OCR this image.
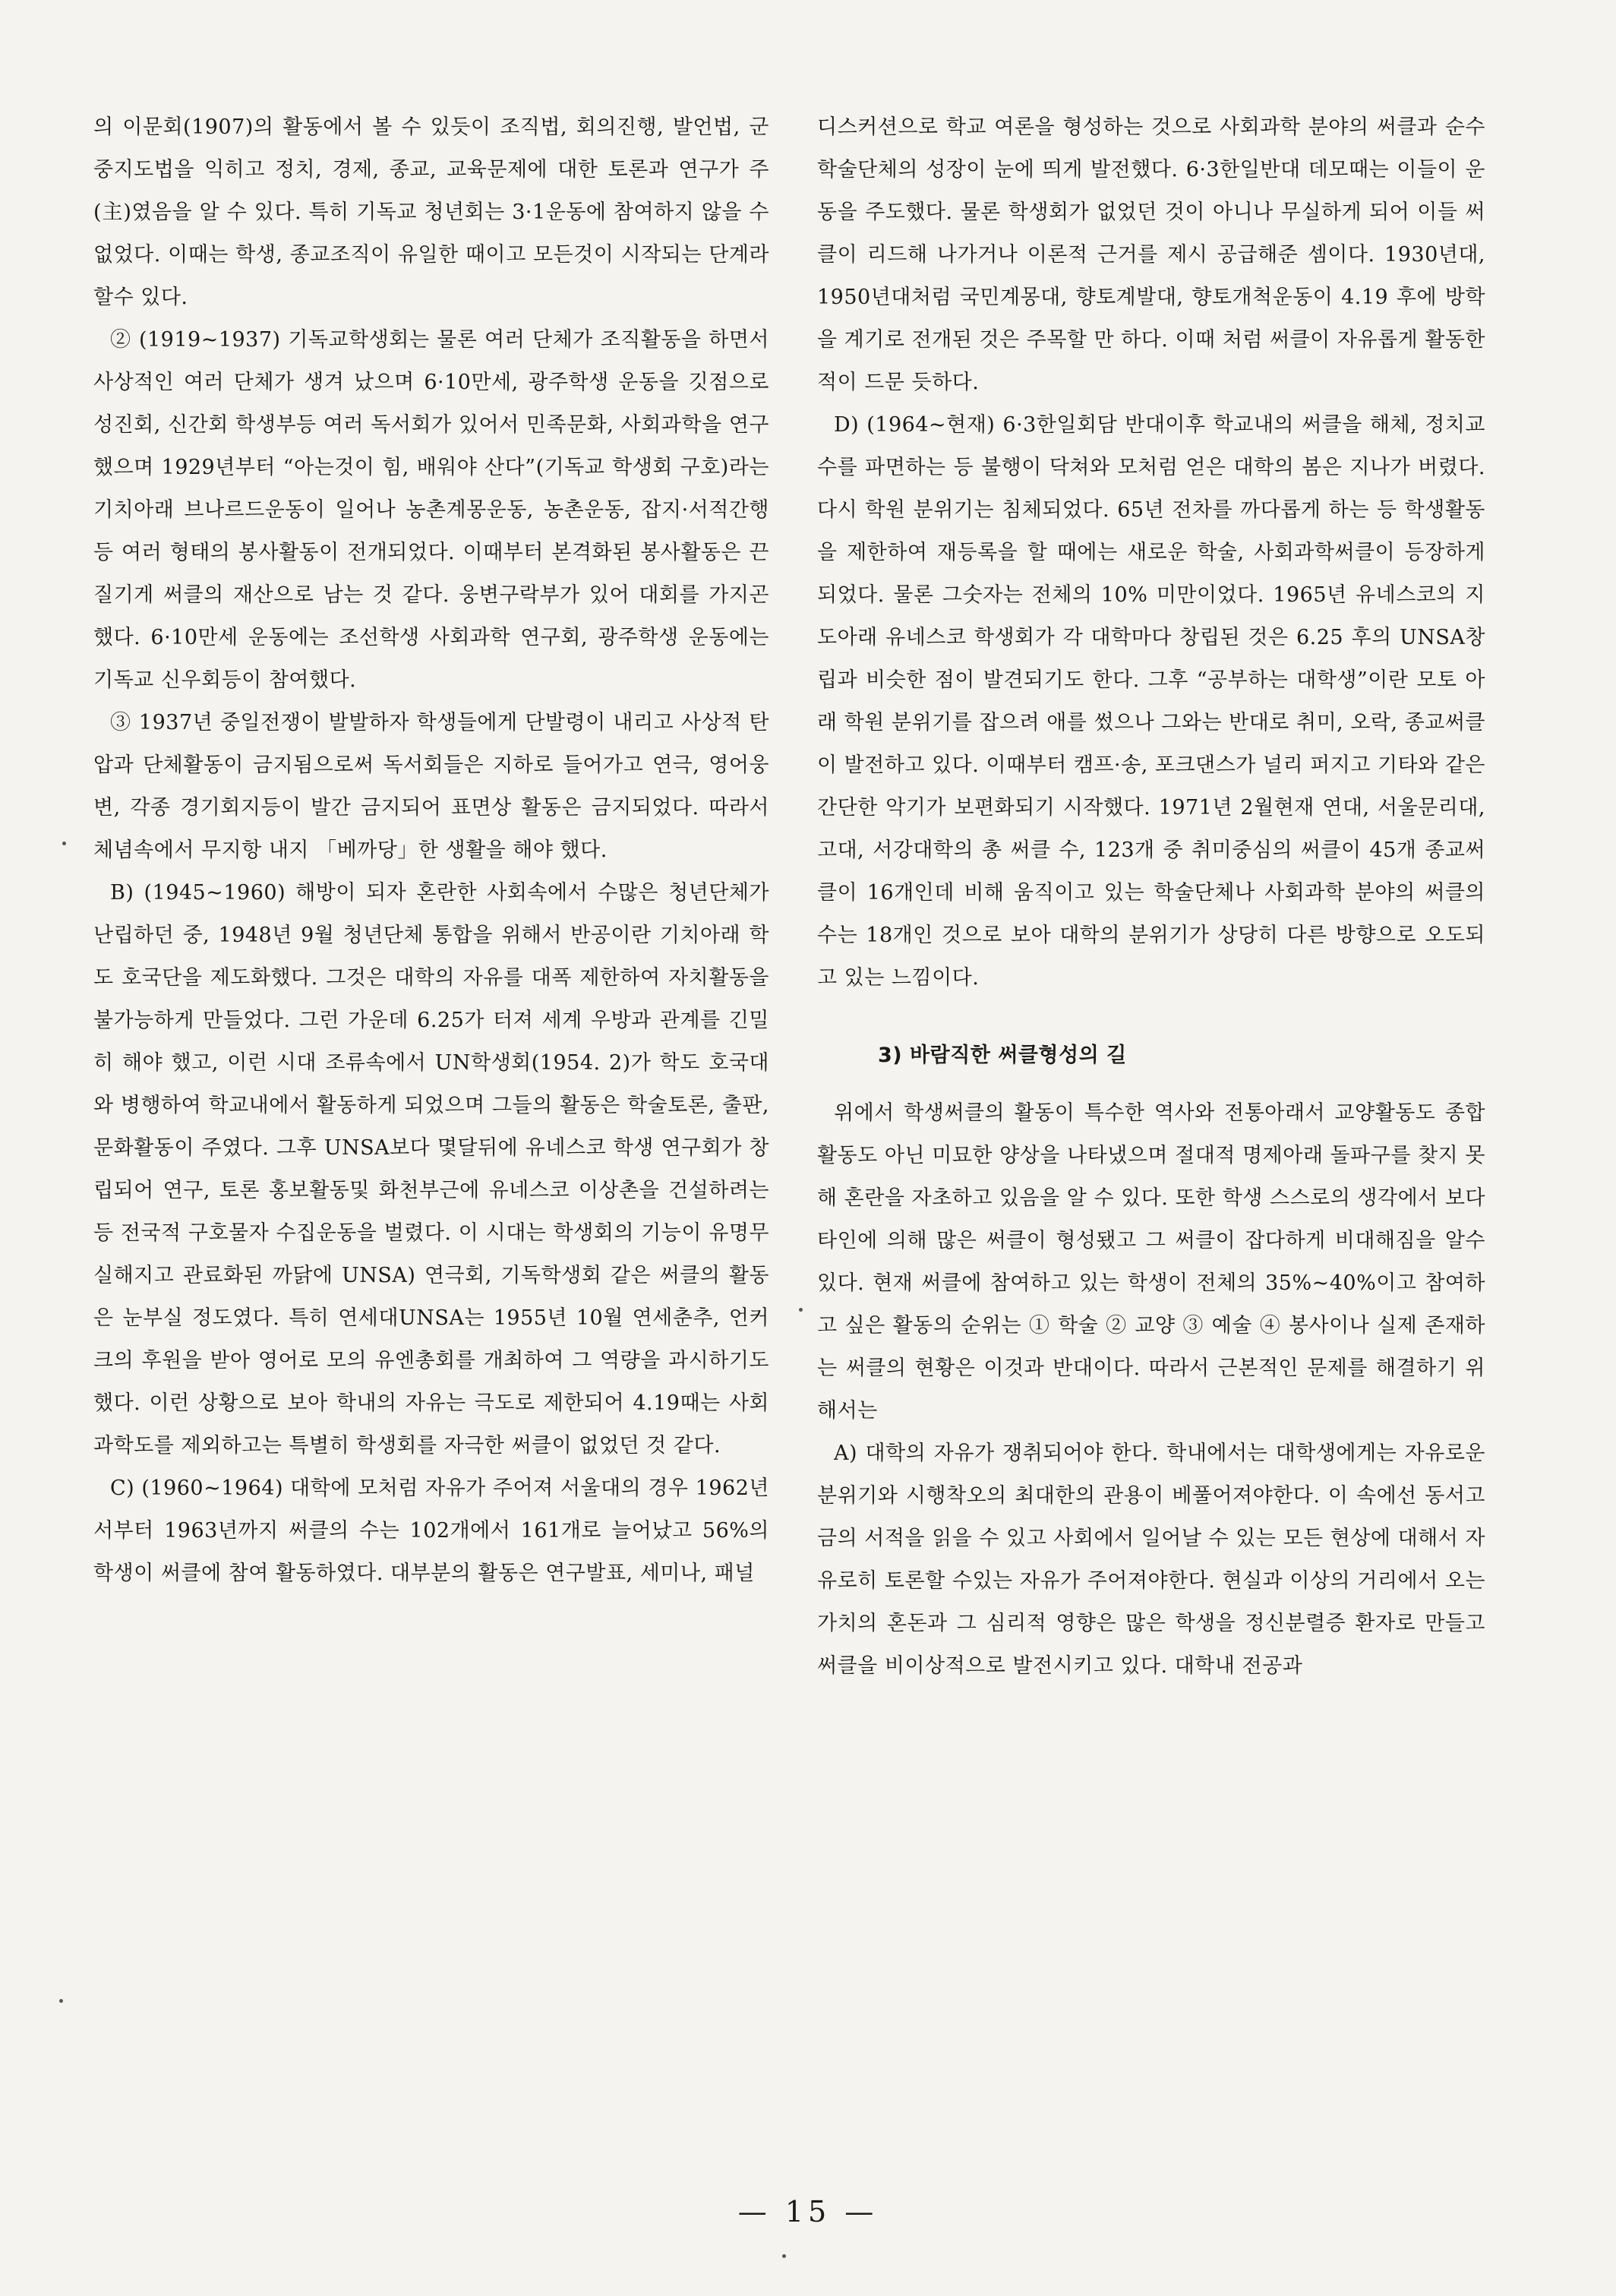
의 이문회(1907)의 활동에서 볼 수 있듯이 조직법, 회의진행, 발언법, 군중지도법을 익히고 정치, 경제, 종교, 교육문제에 대한 토론과 연구가 주(主)였음을 알 수 있다. 특히 기독교 청년회는 3·1운동에 참여하지 않을 수 없었다. 이때는 학생, 종교조직이 유일한 때이고 모든것이 시작되는 단계라 할수 있다.
② (1919~1937) 기독교학생회는 물론 여러 단체가 조직활동을 하면서 사상적인 여러 단체가 생겨 났으며 6·10만세, 광주학생 운동을 깃점으로 성진회, 신간회 학생부등 여러 독서회가 있어서 민족문화, 사회과학을 연구했으며 1929년부터 “아는것이 힘, 배워야 산다”(기독교 학생회 구호)라는 기치아래 브나르드운동이 일어나 농촌계몽운동, 농촌운동, 잡지·서적간행등 여러 형태의 봉사활동이 전개되었다. 이때부터 본격화된 봉사활동은 끈질기게 써클의 재산으로 남는 것 같다. 웅변구락부가 있어 대회를 가지곤 했다. 6·10만세 운동에는 조선학생 사회과학 연구회, 광주학생 운동에는 기독교 신우회등이 참여했다.
③ 1937년 중일전쟁이 발발하자 학생들에게 단발령이 내리고 사상적 탄압과 단체활동이 금지됨으로써 독서회들은 지하로 들어가고 연극, 영어웅변, 각종 경기회지등이 발간 금지되어 표면상 활동은 금지되었다. 따라서 체념속에서 무지항 내지 「베까당」한 생활을 해야 했다.
B) (1945~1960) 해방이 되자 혼란한 사회속에서 수많은 청년단체가 난립하던 중, 1948년 9월 청년단체 통합을 위해서 반공이란 기치아래 학도 호국단을 제도화했다. 그것은 대학의 자유를 대폭 제한하여 자치활동을 불가능하게 만들었다. 그런 가운데 6.25가 터져 세계 우방과 관계를 긴밀히 해야 했고, 이런 시대 조류속에서 UN학생회(1954. 2)가 학도 호국대와 병행하여 학교내에서 활동하게 되었으며 그들의 활동은 학술토론, 출판, 문화활동이 주였다. 그후 UNSA보다 몇달뒤에 유네스코 학생 연구회가 창립되어 연구, 토론 홍보활동및 화천부근에 유네스코 이상촌을 건설하려는 등 전국적 구호물자 수집운동을 벌렸다. 이 시대는 학생회의 기능이 유명무실해지고 관료화된 까닭에 UNSA) 연극회, 기독학생회 같은 써클의 활동은 눈부실 정도였다. 특히 연세대UNSA는 1955년 10월 연세춘추, 언커크의 후원을 받아 영어로 모의 유엔총회를 개최하여 그 역량을 과시하기도 했다. 이런 상황으로 보아 학내의 자유는 극도로 제한되어 4.19때는 사회과학도를 제외하고는 특별히 학생회를 자극한 써클이 없었던 것 같다.
C) (1960~1964) 대학에 모처럼 자유가 주어져 서울대의 경우 1962년서부터 1963년까지 써클의 수는 102개에서 161개로 늘어났고 56%의 학생이 써클에 참여 활동하였다. 대부분의 활동은 연구발표, 세미나, 패널
디스커션으로 학교 여론을 형성하는 것으로 사회과학 분야의 써클과 순수 학술단체의 성장이 눈에 띄게 발전했다. 6·3한일반대 데모때는 이들이 운동을 주도했다. 물론 학생회가 없었던 것이 아니나 무실하게 되어 이들 써클이 리드해 나가거나 이론적 근거를 제시 공급해준 셈이다. 1930년대, 1950년대처럼 국민계몽대, 향토계발대, 향토개척운동이 4.19 후에 방학을 계기로 전개된 것은 주목할 만 하다. 이때 처럼 써클이 자유롭게 활동한 적이 드문 듯하다.
D) (1964~현재) 6·3한일회담 반대이후 학교내의 써클을 해체, 정치교수를 파면하는 등 불행이 닥쳐와 모처럼 얻은 대학의 봄은 지나가 버렸다. 다시 학원 분위기는 침체되었다. 65년 전차를 까다롭게 하는 등 학생활동을 제한하여 재등록을 할 때에는 새로운 학술, 사회과학써클이 등장하게 되었다. 물론 그숫자는 전체의 10% 미만이었다. 1965년 유네스코의 지도아래 유네스코 학생회가 각 대학마다 창립된 것은 6.25 후의 UNSA창립과 비슷한 점이 발견되기도 한다. 그후 “공부하는 대학생”이란 모토 아래 학원 분위기를 잡으려 애를 썼으나 그와는 반대로 취미, 오락, 종교써클이 발전하고 있다. 이때부터 캠프·송, 포크댄스가 널리 퍼지고 기타와 같은 간단한 악기가 보편화되기 시작했다. 1971년 2월현재 연대, 서울문리대, 고대, 서강대학의 총 써클 수, 123개 중 취미중심의 써클이 45개 종교써클이 16개인데 비해 움직이고 있는 학술단체나 사회과학 분야의 써클의 수는 18개인 것으로 보아 대학의 분위기가 상당히 다른 방향으로 오도되고 있는 느낌이다.
3) 바람직한 써클형성의 길
위에서 학생써클의 활동이 특수한 역사와 전통아래서 교양활동도 종합활동도 아닌 미묘한 양상을 나타냈으며 절대적 명제아래 돌파구를 찾지 못해 혼란을 자초하고 있음을 알 수 있다. 또한 학생 스스로의 생각에서 보다 타인에 의해 많은 써클이 형성됐고 그 써클이 잡다하게 비대해짐을 알수 있다. 현재 써클에 참여하고 있는 학생이 전체의 35%~40%이고 참여하고 싶은 활동의 순위는 ① 학술 ② 교양 ③ 예술 ④ 봉사이나 실제 존재하는 써클의 현황은 이것과 반대이다. 따라서 근본적인 문제를 해결하기 위해서는
A) 대학의 자유가 쟁취되어야 한다. 학내에서는 대학생에게는 자유로운 분위기와 시행착오의 최대한의 관용이 베풀어져야한다. 이 속에선 동서고금의 서적을 읽을 수 있고 사회에서 일어날 수 있는 모든 현상에 대해서 자유로히 토론할 수있는 자유가 주어져야한다. 현실과 이상의 거리에서 오는 가치의 혼돈과 그 심리적 영향은 많은 학생을 정신분렬증 환자로 만들고 써클을 비이상적으로 발전시키고 있다. 대학내 전공과
— 15 —
